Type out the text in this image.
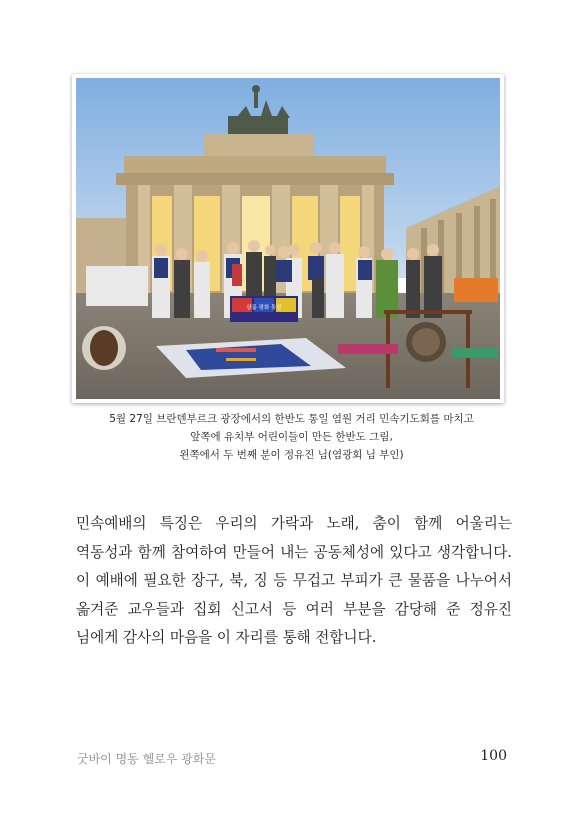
샬롬 평화 통일
5월 27일 브란덴부르크 광장에서의 한반도 통일 염원 거리 민속기도회를 마치고
앞쪽에 유치부 어린이들이 만든 한반도 그림,
왼쪽에서 두 번째 분이 정유진 님(염광회 님 부인)

민속예배의 특징은 우리의 가락과 노래, 춤이 함께 어울리는 역동성과 함께 참여하여 만들어 내는 공동체성에 있다고 생각합니다. 이 예배에 필요한 장구, 북, 징 등 무겁고 부피가 큰 물품을 나누어서 옮겨준 교우들과 집회 신고서 등 여러 부분을 감당해 준 정유진 님에게 감사의 마음을 이 자리를 통해 전합니다.

굿바이 명동 헬로우 광화문	100
